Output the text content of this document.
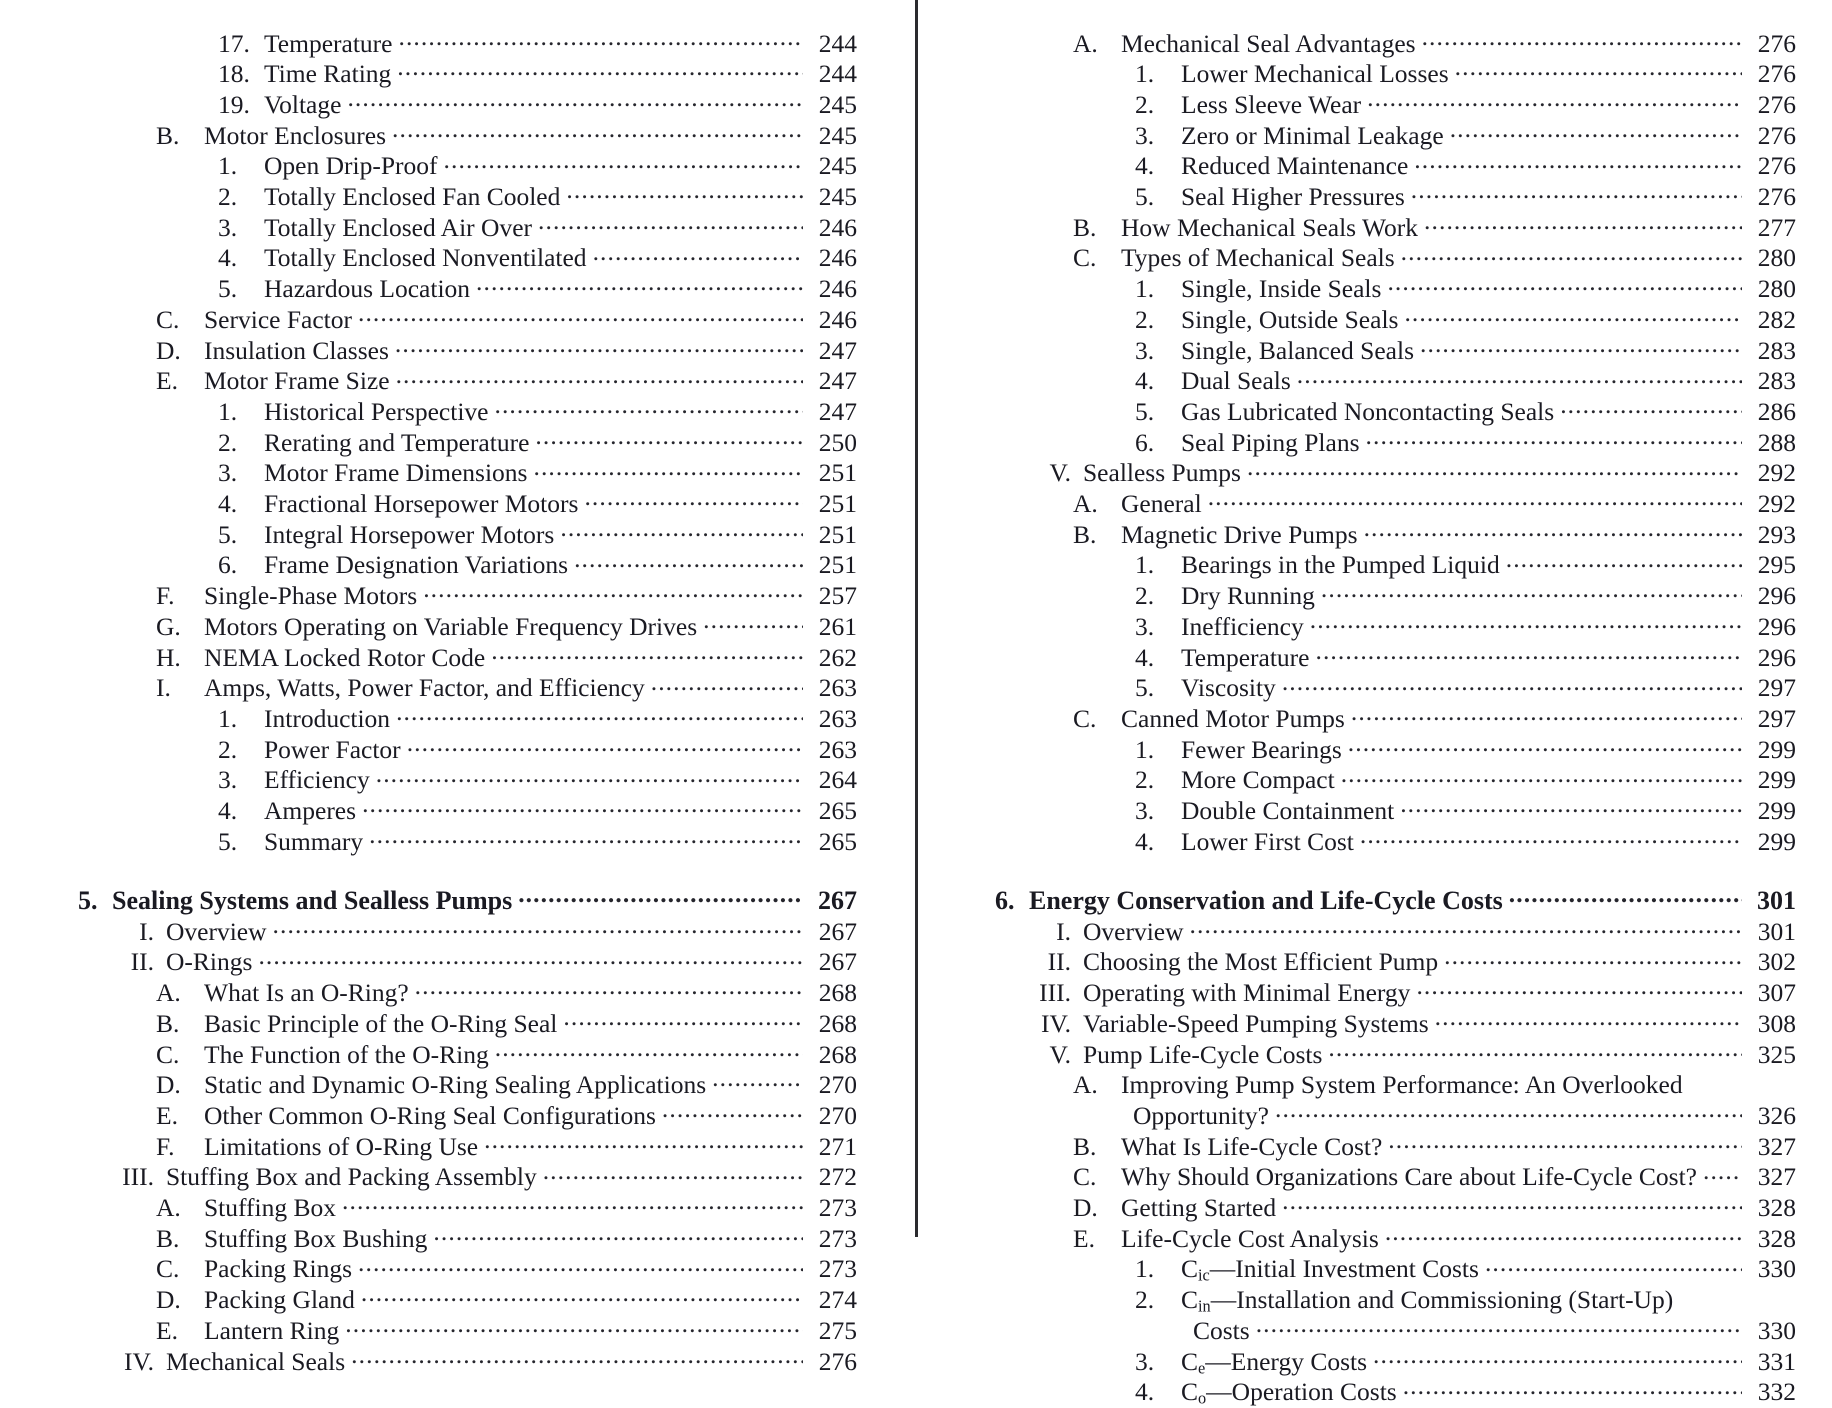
17. Temperature .....	244
18. Time Rating .....	244
19. Voltage .....	245
B. Motor Enclosures .....	245
1.	Open Drip-Proof .....	245
2.	Totally Enclosed Fan Cooled .....	245
3.	Totally Enclosed Air Over .....	246
4.	Totally Enclosed Nonventilated .....	246
5.	Hazardous Location .....	246
C. Service Factor .....	246
D. Insulation Classes .....	247
E.	Motor Frame Size .....	247
1.	Historical Perspective .....	247
2.	Rerating and Temperature .....	250
3.	Motor Frame Dimensions .....	251
4.	Fractional Horsepower Motors .....	251
5.	Integral Horsepower Motors .....	251
6.	Frame Designation Variations .....	251
F.	Single-Phase Motors .....	257
G. Motors Operating on Variable Frequency Drives .....	261
H. NEMA Locked Rotor Code .....	262
I.	Amps, Watts, Power Factor, and Efficiency .....	263
1.	Introduction .....	263
2.	Power Factor .....	263
3.	Efficiency .....	264
4.	Amperes .....	265
5.	Summary .....	265
5. Sealing Systems and Sealless Pumps .....	267
I. Overview .....	267
II. O-Rings .....	267
A. What Is an O-Ring? .....	268
B. Basic Principle of the O-Ring Seal .....	268
C. The Function of the O-Ring .....	268
D. Static and Dynamic O-Ring Sealing Applications .....	270
E.	Other Common O-Ring Seal Configurations .....	270
F.	Limitations of O-Ring Use .....	271
III. Stuffing Box and Packing Assembly .....	272
A. Stuffing Box .....	273
B. Stuffing Box Bushing .....	273
C. Packing Rings .....	273
D. Packing Gland .....	274
E.	Lantern Ring .....	275
IV. Mechanical Seals .....	276
A. Mechanical Seal Advantages .....	276
1.	Lower Mechanical Losses .....	276
2.	Less Sleeve Wear .....	276
3.	Zero or Minimal Leakage .....	276
4.	Reduced Maintenance .....	276
5.	Seal Higher Pressures .....	276
B. How Mechanical Seals Work .....	277
C. Types of Mechanical Seals .....	280
1.	Single, Inside Seals .....	280
2.	Single, Outside Seals .....	282
3.	Single, Balanced Seals .....	283
4.	Dual Seals .....	283
5.	Gas Lubricated Noncontacting Seals .....	286
6.	Seal Piping Plans .....	288
V. Sealless Pumps .....	292
A. General .....	292
B. Magnetic Drive Pumps .....	293
1.	Bearings in the Pumped Liquid .....	295
2.	Dry Running .....	296
3.	Inefficiency .....	296
4.	Temperature .....	296
5.	Viscosity .....	297
C. Canned Motor Pumps .....	297
1.	Fewer Bearings .....	299
2.	More Compact .....	299
3.	Double Containment .....	299
4.	Lower First Cost .....	299
6. Energy Conservation and Life-Cycle Costs .....	301
I. Overview .....	301
II. Choosing the Most Efficient Pump .....	302
III. Operating with Minimal Energy .....	307
IV. Variable-Speed Pumping Systems .....	308
V. Pump Life-Cycle Costs .....	325
A. Improving Pump System Performance: An Overlooked
Opportunity? .....	326
B. What Is Life-Cycle Cost? .....	327
C. Why Should Organizations Care about Life-Cycle Cost? .....	327
D. Getting Started .....	328
E.	Life-Cycle Cost Analysis .....	328
1.	$C_{ic}—Initial$ Investment Costs .....	330
2.	$C_{in}—Installation$ and Commissioning (Start-Up)
Costs .....	330
3.	$C_e—Energy$ Costs .....	331
4.	$C_o—Operation$ Costs .....	332
